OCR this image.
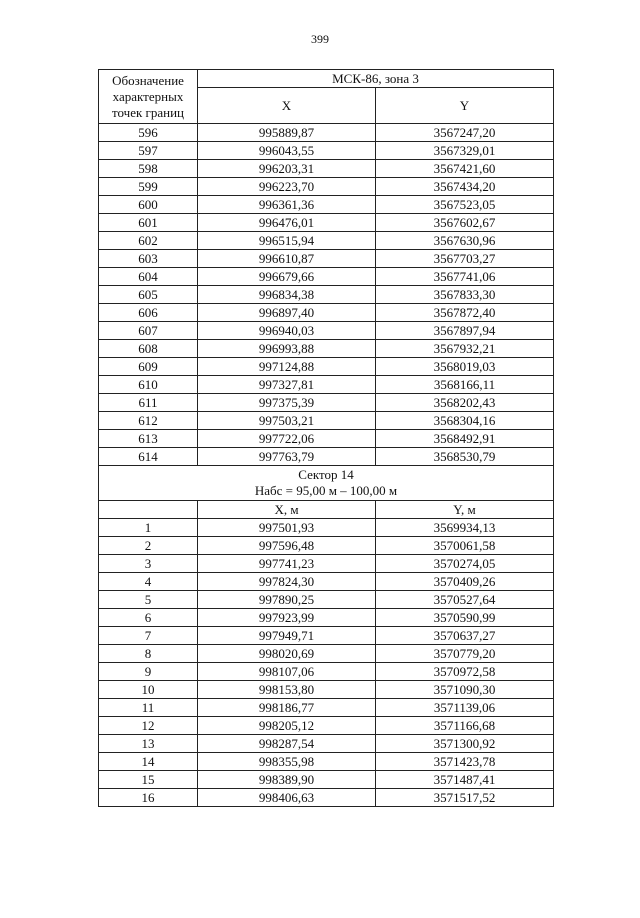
399
Обозначение характерных точек границ	МСК-86, зона 3	
	X	Y
596	995889,87	3567247,20
597	996043,55	3567329,01
598	996203,31	3567421,60
599	996223,70	3567434,20
600	996361,36	3567523,05
601	996476,01	3567602,67
602	996515,94	3567630,96
603	996610,87	3567703,27
604	996679,66	3567741,06
605	996834,38	3567833,30
606	996897,40	3567872,40
607	996940,03	3567897,94
608	996993,88	3567932,21
609	997124,88	3568019,03
610	997327,81	3568166,11
611	997375,39	3568202,43
612	997503,21	3568304,16
613	997722,06	3568492,91
614	997763,79	3568530,79

Сектор 14
Набс = 95,00 м – 100,00 м		

	X, м	Y, м
1	997501,93	3569934,13
2	997596,48	3570061,58
3	997741,23	3570274,05
4	997824,30	3570409,26
5	997890,25	3570527,64
6	997923,99	3570590,99
7	997949,71	3570637,27
8	998020,69	3570779,20
9	998107,06	3570972,58
10	998153,80	3571090,30
11	998186,77	3571139,06
12	998205,12	3571166,68
13	998287,54	3571300,92
14	998355,98	3571423,78
15	998389,90	3571487,41
16	998406,63	3571517,52
